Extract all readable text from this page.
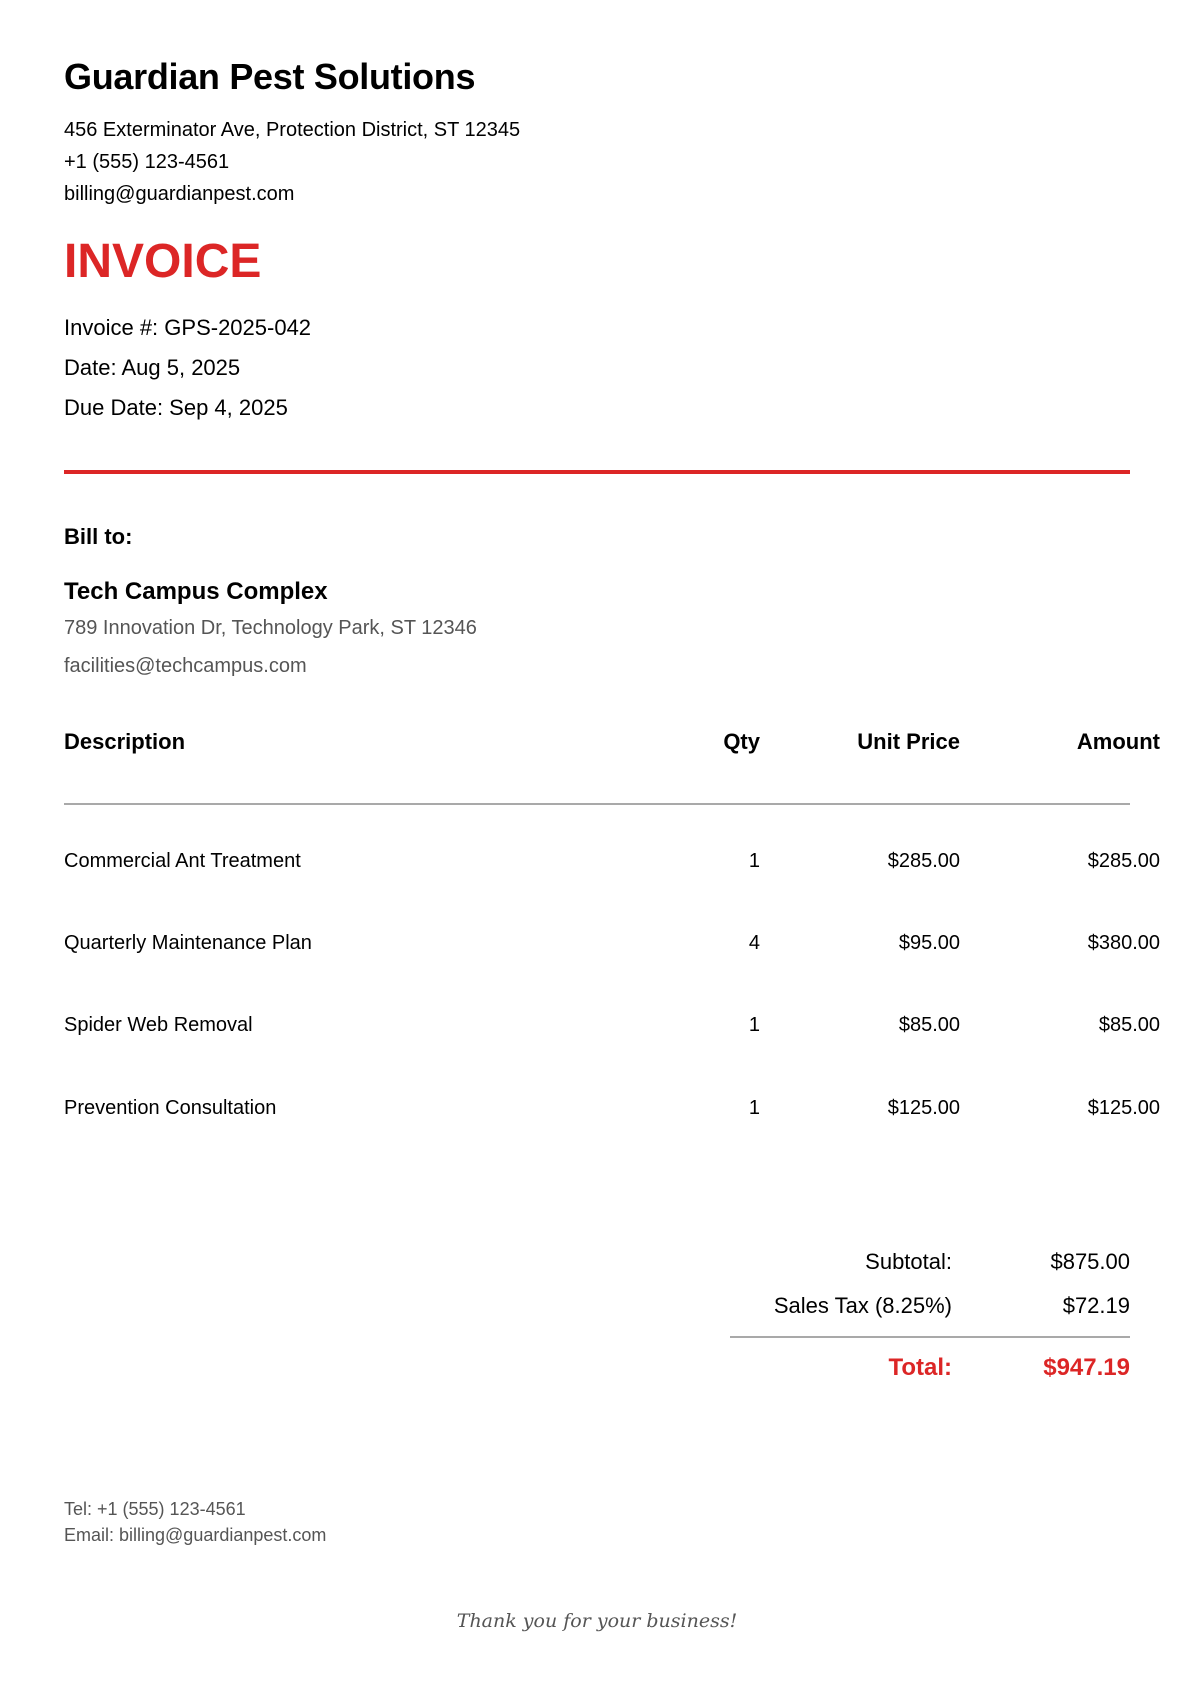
Guardian Pest Solutions
456 Exterminator Ave, Protection District, ST 12345
+1 (555) 123-4561
billing@guardianpest.com
INVOICE
Invoice #: GPS-2025-042
Date: Aug 5, 2025
Due Date: Sep 4, 2025
Bill to:
Tech Campus Complex
789 Innovation Dr, Technology Park, ST 12346
facilities@techcampus.com
Description	Qty	Unit Price	Amount
Commercial Ant Treatment	1	$285.00	$285.00
Quarterly Maintenance Plan	4	$95.00	$380.00
Spider Web Removal	1	$85.00	$85.00
Prevention Consultation	1	$125.00	$125.00
Subtotal:	$875.00
Sales Tax (8.25%)	$72.19
Total:	$947.19
Tel: +1 (555) 123-4561
Email: billing@guardianpest.com
Thank you for your business!
